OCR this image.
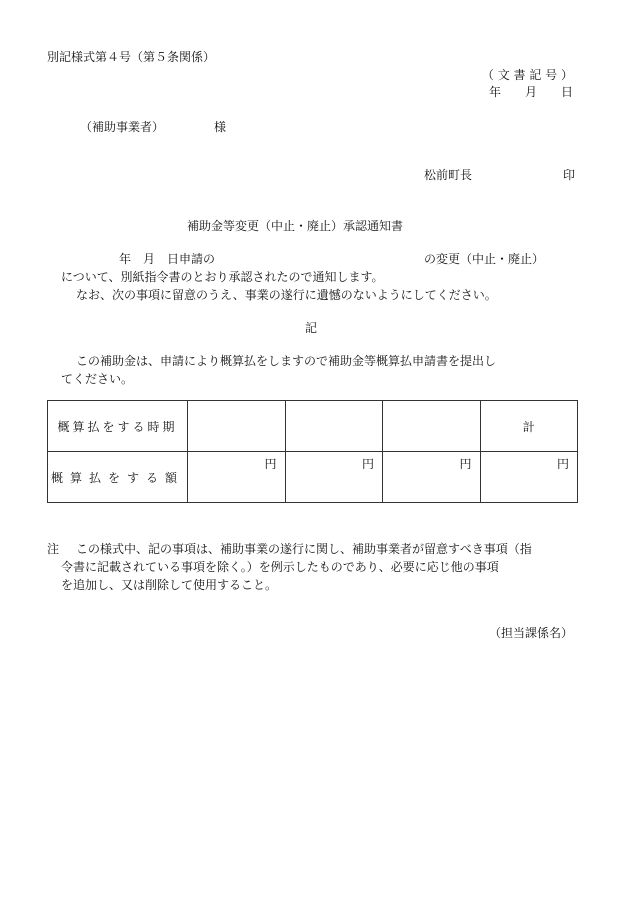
別記様式第４号（第５条関係）
（ 文 書 記 号 ）
年　　月　　日
（補助事業者）	様
松前町長	印
補助金等変更（中止・廃止）承認通知書
年　月　日申請の	の変更（中止・廃止）
について、別紙指令書のとおり承認されたので通知します。
なお、次の事項に留意のうえ、事業の遂行に遺憾のないようにしてください。
記
この補助金は、申請により概算払をしますので補助金等概算払申請書を提出し
てください。
概算払をする時期				計
概算払をする額	円	円	円	円
注 この様式中、記の事項は、補助事業の遂行に関し、補助事業者が留意すべき事項（指
令書に記載されている事項を除く。）を例示したものであり、必要に応じ他の事項
を追加し、又は削除して使用すること。
（担当課係名）
